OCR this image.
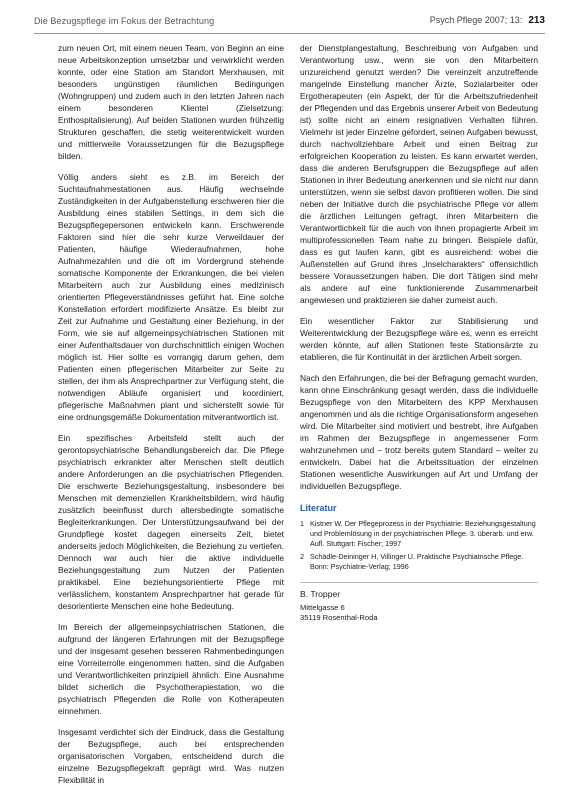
Die Bezugspflege im Fokus der Betrachtung	Psych Pflege 2007; 13: 213

zum neuen Ort, mit einem neuen Team, von Beginn an eine neue Arbeitskonzeption umsetzbar und verwirklicht werden konnte, oder eine Station am Standort Merxhausen, mit besonders ungünstigen räumlichen Bedingungen (Wohngruppen) und zudem auch in den letzten Jahren nach einem besonderen Klientel (Zielsetzung: Enthospitalisierung). Auf beiden Stationen wurden frühzeitig Strukturen geschaffen, die stetig weiterentwickelt wurden und mittlerweile Voraussetzungen für die Bezugspflege bilden.

Völlig anders sieht es z.B. im Bereich der Suchtaufnahmestationen aus. Häufig wechselnde Zuständigkeiten in der Aufgabenstellung erschweren hier die Ausbildung eines stabilen Settings, in dem sich die Bezugspflegepersonen entwickeln kann. Erschwerende Faktoren sind hier die sehr kurze Verweildauer der Patienten, häufige Wiederaufnahmen, hohe Aufnahmezahlen und die oft im Vordergrund stehende somatische Komponente der Erkrankungen, die bei vielen Mitarbeitern auch zur Ausbildung eines medizinisch orientierten Pflegeverständnisses geführt hat. Eine solche Konstellation erfordert modifizierte Ansätze. Es bleibt zur Zeit zur Aufnahme und Gestaltung einer Beziehung, in der Form, wie sie auf allgemeinpsychiatrischen Stationen mit einer Aufenthaltsdauer von durchschnittlich einigen Wochen möglich ist. Hier sollte es vorrangig darum gehen, dem Patienten einen pflegerischen Mitarbeiter zur Seite zu stellen, der ihm als Ansprechpartner zur Verfügung steht, die notwendigen Abläufe organisiert und koordiniert, pflegerische Maßnahmen plant und sicherstellt sowie für eine ordnungsgemäße Dokumentation mitverantwortlich ist.

Ein spezifisches Arbeitsfeld stellt auch der gerontopsychiatrische Behandlungsbereich dar. Die Pflege psychiatrisch erkrankter alter Menschen stellt deutlich andere Anforderungen an die psychiatrischen Pflegenden. Die erschwerte Beziehungsgestaltung, insbesondere bei Menschen mit demenziellen Krankheitsbildern, wird häufig zusätzlich beeinflusst durch altersbedingte somatische Begleiterkrankungen. Der Unterstützungsaufwand bei der Grundpflege kostet dagegen einerseits Zeit, bietet anderseits jedoch Möglichkeiten, die Beziehung zu vertiefen. Dennoch war auch hier die aktive individuelle Beziehungsgestaltung zum Nutzen der Patienten praktikabel. Eine beziehungsorientierte Pflege mit verlässlichem, konstantem Ansprechpartner hat gerade für desorientierte Menschen eine hohe Bedeutung.

Im Bereich der allgemeinpsychiatrischen Stationen, die aufgrund der längeren Erfahrungen mit der Bezugspflege und der insgesamt gesehen besseren Rahmenbedingungen eine Vorreiterrolle eingenommen hatten, sind die Aufgaben und Verantwortlichkeiten prinzipiell ähnlich. Eine Ausnahme bildet sicherlich die Psychotherapiestation, wo die psychiatrisch Pflegenden die Rolle von Kotherapeuten einnehmen.

Insgesamt verdichtet sich der Eindruck, dass die Gestaltung der Bezugspflege, auch bei entsprechenden organisatorischen Vorgaben, entscheidend durch die einzelne Bezugspflegekraft geprägt wird. Was nutzen Flexibilität in

der Dienstplangestaltung, Beschreibung von Aufgaben und Verantwortung usw., wenn sie von den Mitarbeitern unzureichend genutzt werden? Die vereinzelt anzutreffende mangelnde Einstellung mancher Ärzte, Sozialarbeiter oder Ergotherapeuten (ein Aspekt, der für die Arbeitszufriedenheit der Pflegenden und das Ergebnis unserer Arbeit von Bedeutung ist) sollte nicht an einem resignativen Verhalten führen. Vielmehr ist jeder Einzelne gefordert, seinen Aufgaben bewusst, durch nachvollziehbare Arbeit und einen Beitrag zur erfolgreichen Kooperation zu leisten. Es kann erwartet werden, dass die anderen Berufsgruppen die Bezugspflege auf allen Stationen in ihrer Bedeutung anerkennen und sie nicht nur dann unterstützen, wenn sie selbst davon profitieren wollen. Die sind neben der Initiative durch die psychiatrische Pflege vor allem die ärztlichen Leitungen gefragt, ihren Mitarbeitern die Verantwortlichkeit für die auch von ihnen propagierte Arbeit im multiprofessionellen Team nahe zu bringen. Beispiele dafür, dass es gut laufen kann, gibt es ausreichend: wobei die Außenstellen auf Grund ihres „Inselcharakters“ offensichtlich bessere Voraussetzungen haben. Die dort Tätigen sind mehr als andere auf eine funktionierende Zusammenarbeit angewiesen und praktizieren sie daher zumeist auch.

Ein wesentlicher Faktor zur Stabilisierung und Weiterentwicklung der Bezugspflege wäre es, wenn es erreicht werden könnte, auf allen Stationen feste Stationsärzte zu etablieren, die für Kontinuität in der ärztlichen Arbeit sorgen.

Nach den Erfahrungen, die bei der Befragung gemacht wurden, kann ohne Einschränkung gesagt werden, dass die individuelle Bezugspflege von den Mitarbeitern des KPP Merxhausen angenommen und als die richtige Organisationsform angesehen wird. Die Mitarbeiter sind motiviert und bestrebt, ihre Aufgaben im Rahmen der Bezugspflege in angemessener Form wahrzunehmen und – trotz bereits gutem Standard – weiter zu entwickeln. Dabei hat die Arbeitssituation der einzelnen Stationen wesentliche Auswirkungen auf Art und Umfang der individuellen Bezugspflege.

Literatur
1 Kistner W. Der Pflegeprozess in der Psychiatrie: Beziehungsgestaltung und Problemlösung in der psychiatrischen Pflege. 3. überarb. und erw. Aufl. Stuttgart: Fischer; 1997
2 Schädle-Deininger H, Villinger U. Praktische Psychiatrische Pflege. Bonn: Psychiatrie-Verlag; 1996
B. Tropper
Mittelgasse 6
35119 Rosenthal-Roda
